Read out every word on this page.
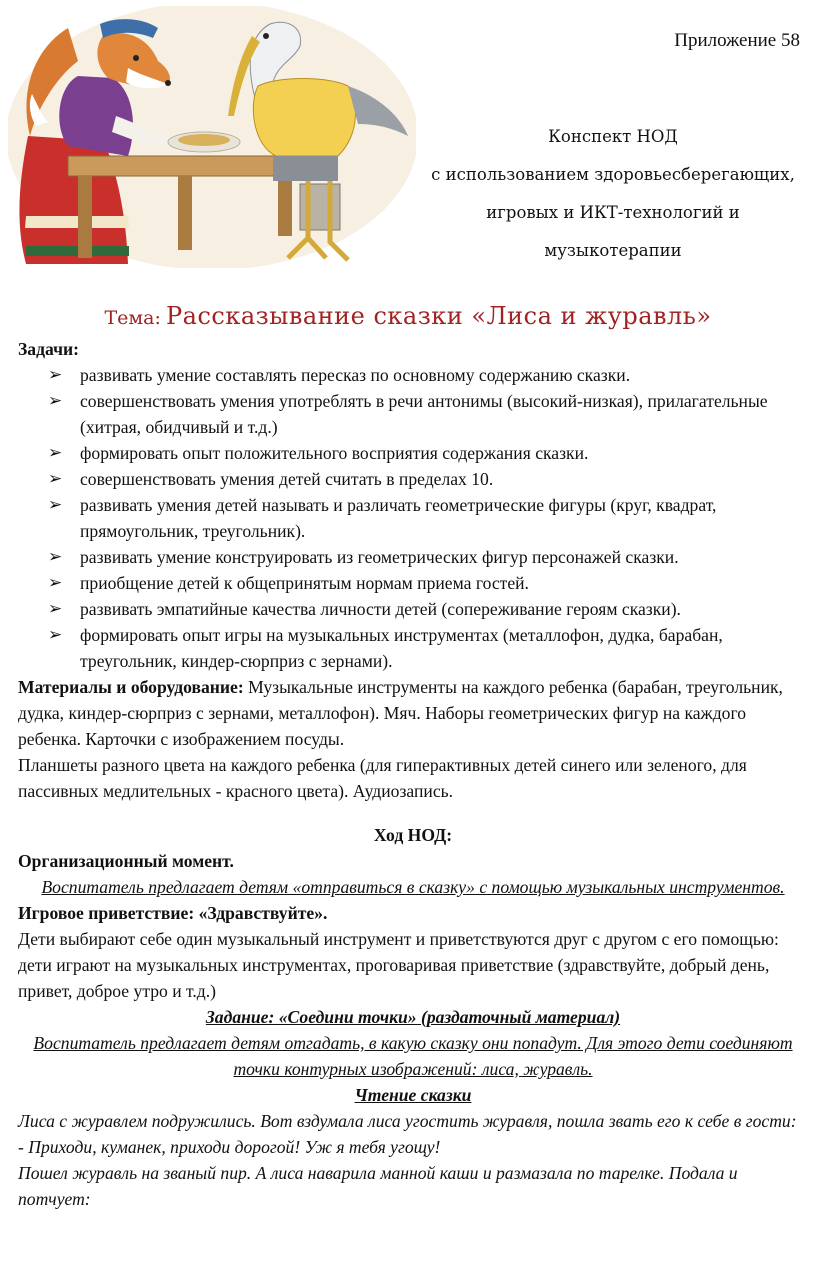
Приложение 58
Конспект НОД
с использованием здоровьесберегающих,
игровых и ИКТ-технологий и музыкотерапии
Тема: Рассказывание сказки «Лиса и журавль»

Задачи:

➢ развивать умение составлять пересказ по основному содержанию сказки.
➢ совершенствовать умения употреблять в речи антонимы (высокий-низкая), прилагательные (хитрая, обидчивый и т.д.)
➢ формировать опыт положительного восприятия содержания сказки.
➢ совершенствовать умения детей считать в пределах 10.
➢ развивать умения детей называть и различать геометрические фигуры (круг, квадрат, прямоугольник, треугольник).
➢ развивать умение конструировать из геометрических фигур персонажей сказки.
➢ приобщение детей к общепринятым нормам приема гостей.
➢ развивать эмпатийные качества личности детей (сопереживание героям сказки).
➢ формировать опыт игры на музыкальных инструментах (металлофон, дудка, барабан, треугольник, киндер-сюрприз с зернами).

Материалы и оборудование: Музыкальные инструменты на каждого ребенка (барабан, треугольник, дудка, киндер-сюрприз с зернами, металлофон). Мяч. Наборы геометрических фигур на каждого ребенка. Карточки с изображением посуды.

Планшеты разного цвета на каждого ребенка (для гиперактивных детей синего или зеленого, для пассивных медлительных - красного цвета). Аудиозапись.

Ход НОД:

Организационный момент.

Воспитатель предлагает детям «отправиться в сказку» с помощью музыкальных инструментов.

Игровое приветствие: «Здравствуйте».

Дети выбирают себе один музыкальный инструмент и приветствуются друг с другом с его помощью: дети играют на музыкальных инструментах, проговаривая приветствие (здравствуйте, добрый день, привет, доброе утро и т.д.)

Задание: «Соедини точки» (раздаточный материал)

Воспитатель предлагает детям отгадать, в какую сказку они попадут. Для этого дети соединяют точки контурных изображений: лиса, журавль.

Чтение сказки

Лиса с журавлем подружились. Вот вздумала лиса угостить журавля, пошла звать его к себе в гости:

- Приходи, куманек, приходи дорогой! Уж я тебя угощу!

Пошел журавль на званый пир. А лиса наварила манной каши и размазала по тарелке. Подала и потчует:
